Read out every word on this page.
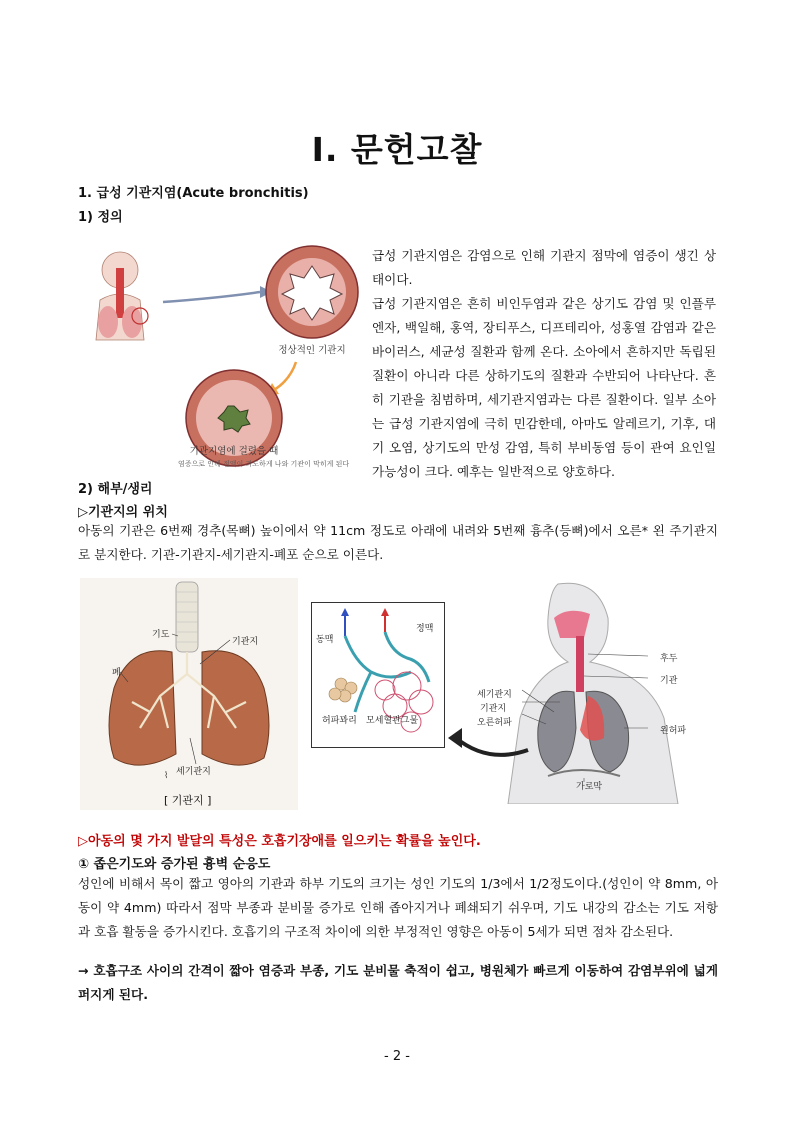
I. 문헌고찰
1. 급성 기관지염(Acute bronchitis)
1) 정의
정상적인 기관지
기관지염에 걸렸을 때
염증으로 인해 점액이 과도하게 나와 기관이 막히게 된다
급성 기관지염은 감염으로 인해 기관지 점막에 염증이 생긴 상태이다.
급성 기관지염은 흔히 비인두염과 같은 상기도 감염 및 인플루엔자, 백일해, 홍역, 장티푸스, 디프테리아, 성홍열 감염과 같은 바이러스, 세균성 질환과 함께 온다. 소아에서 흔하지만 독립된 질환이 아니라 다른 상하기도의 질환과 수반되어 나타난다. 흔히 기관을 침범하며, 세기관지염과는 다른 질환이다. 일부 소아는 급성 기관지염에 극히 민감한데, 아마도 알레르기, 기후, 대기 오염, 상기도의 만성 감염, 특히 부비동염 등이 관여 요인일 가능성이 크다. 예후는 일반적으로 양호하다.
2) 해부/생리
▷기관지의 위치
아동의 기관은 6번째 경추(목뼈) 높이에서 약 11cm 정도로 아래에 내려와 5번째 흉추(등뼈)에서 오른* 왼 주기관지로 분지한다. 기관-기관지-세기관지-폐포 순으로 이른다.
⌇
기도
기관지
폐
세기관지
[ 기관지 ]
동맥
정맥
허파꽈리 모세혈관그물
후두
기관
세기관지
기관지
오른허파
왼허파
가로막
▷아동의 몇 가지 발달의 특성은 호흡기장애를 일으키는 확률을 높인다.
① 좁은기도와 증가된 흉벽 순응도
성인에 비해서 목이 짧고 영아의 기관과 하부 기도의 크기는 성인 기도의 1/3에서 1/2정도이다.(성인이 약 8mm, 아동이 약 4mm) 따라서 점막 부종과 분비물 증가로 인해 좁아지거나 폐쇄되기 쉬우며, 기도 내강의 감소는 기도 저항과 호흡 활동을 증가시킨다. 호흡기의 구조적 차이에 의한 부정적인 영향은 아동이 5세가 되면 점차 감소된다.
→ 호흡구조 사이의 간격이 짧아 염증과 부종, 기도 분비물 축적이 쉽고, 병원체가 빠르게 이동하여 감염부위에 넓게 퍼지게 된다.
- 2 -
